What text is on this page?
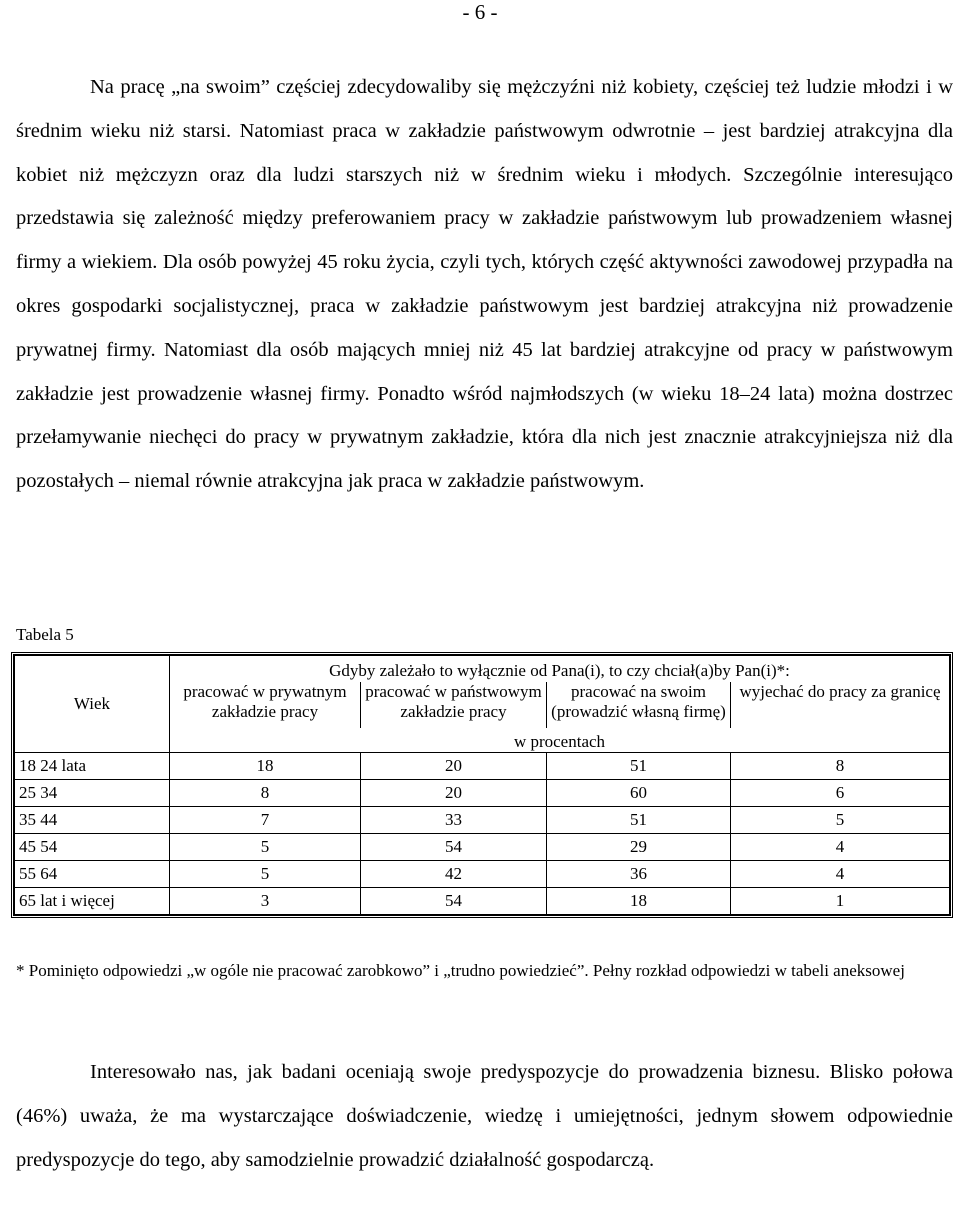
- 6 -

Na pracę „na swoim” częściej zdecydowaliby się mężczyźni niż kobiety, częściej też ludzie młodzi i w średnim wieku niż starsi. Natomiast praca w zakładzie państwowym odwrotnie – jest bardziej atrakcyjna dla kobiet niż mężczyzn oraz dla ludzi starszych niż w średnim wieku i młodych. Szczególnie interesująco przedstawia się zależność między preferowaniem pracy w zakładzie państwowym lub prowadzeniem własnej firmy a wiekiem. Dla osób powyżej 45 roku życia, czyli tych, których część aktywności zawodowej przypadła na okres gospodarki socjalistycznej, praca w zakładzie państwowym jest bardziej atrakcyjna niż prowadzenie prywatnej firmy. Natomiast dla osób mających mniej niż 45 lat bardziej atrakcyjne od pracy w państwowym zakładzie jest prowadzenie własnej firmy. Ponadto wśród najmłodszych (w wieku 18–24 lata) można dostrzec przełamywanie niechęci do pracy w prywatnym zakładzie, która dla nich jest znacznie atrakcyjniejsza niż dla pozostałych – niemal równie atrakcyjna jak praca w zakładzie państwowym.

Tabela 5
Wiek	Gdyby zależało to wyłącznie od Pana(i), to czy chciał(a)by Pan(i)*:			
	pracować w prywatnym zakładzie pracy	pracować w państwowym zakładzie pracy	pracować na swoim (prowadzić własną firmę)	wyjechać do pracy za granicę
	w procentach			
18 24 lata	18	20	51	8
25 34	8	20	60	6
35 44	7	33	51	5
45 54	5	54	29	4
55 64	5	42	36	4
65 lat i więcej	3	54	18	1

* Pominięto odpowiedzi „w ogóle nie pracować zarobkowo” i „trudno powiedzieć”. Pełny rozkład odpowiedzi w tabeli aneksowej

Interesowało nas, jak badani oceniają swoje predyspozycje do prowadzenia biznesu. Blisko połowa (46%) uważa, że ma wystarczające doświadczenie, wiedzę i umiejętności, jednym słowem odpowiednie predyspozycje do tego, aby samodzielnie prowadzić działalność gospodarczą.
